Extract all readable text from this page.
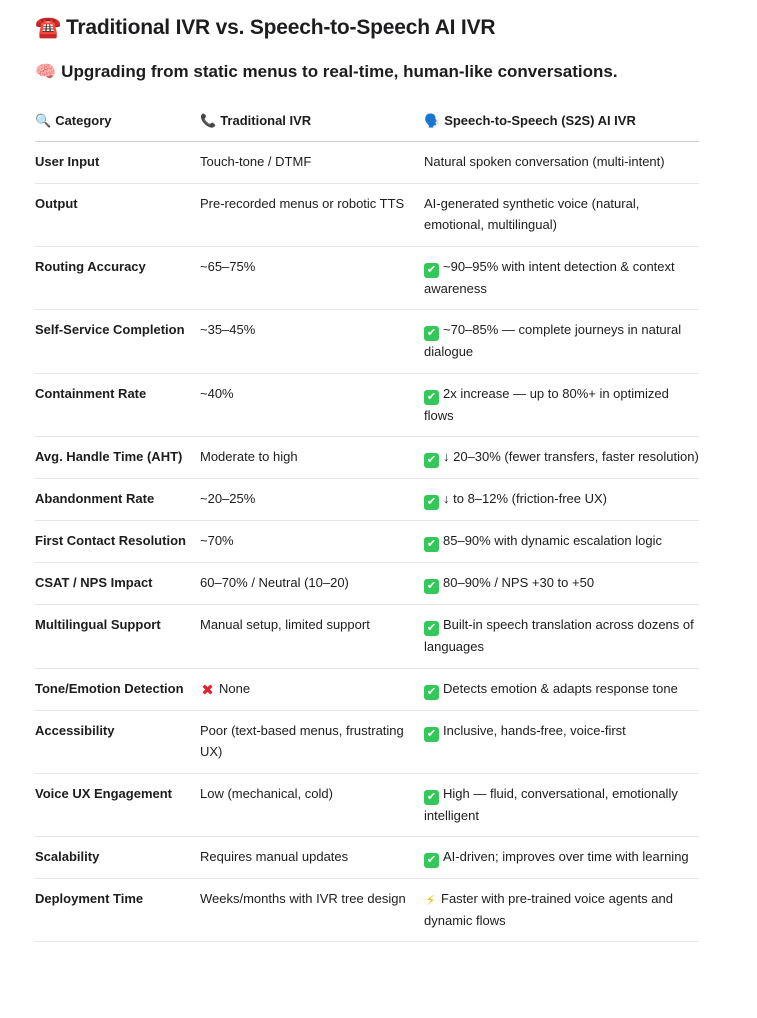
☎️ Traditional IVR vs. Speech-to-Speech AI IVR
🧠 Upgrading from static menus to real-time, human-like conversations.
🔍 Category	📞 Traditional IVR	🗣️ Speech-to-Speech (S2S) AI IVR
User Input	Touch-tone / DTMF	Natural spoken conversation (multi-intent)
Output	Pre-recorded menus or robotic TTS	AI-generated synthetic voice (natural, emotional, multilingual)
Routing Accuracy	~65–75%	✔ ~90–95% with intent detection & context awareness
Self-Service Completion	~35–45%	✔ ~70–85% — complete journeys in natural dialogue
Containment Rate	~40%	✔ 2x increase — up to 80%+ in optimized flows
Avg. Handle Time (AHT)	Moderate to high	✔ ↓ 20–30% (fewer transfers, faster resolution)
Abandonment Rate	~20–25%	✔ ↓ to 8–12% (friction-free UX)
First Contact Resolution	~70%	✔ 85–90% with dynamic escalation logic
CSAT / NPS Impact	60–70% / Neutral (10–20)	✔ 80–90% / NPS +30 to +50
Multilingual Support	Manual setup, limited support	✔ Built-in speech translation across dozens of languages
Tone/Emotion Detection	✖ None	✔ Detects emotion & adapts response tone
Accessibility	Poor (text-based menus, frustrating UX)	✔ Inclusive, hands-free, voice-first
Voice UX Engagement	Low (mechanical, cold)	✔ High — fluid, conversational, emotionally intelligent
Scalability	Requires manual updates	✔ AI-driven; improves over time with learning
Deployment Time	Weeks/months with IVR tree design	⚡ Faster with pre-trained voice agents and dynamic flows
